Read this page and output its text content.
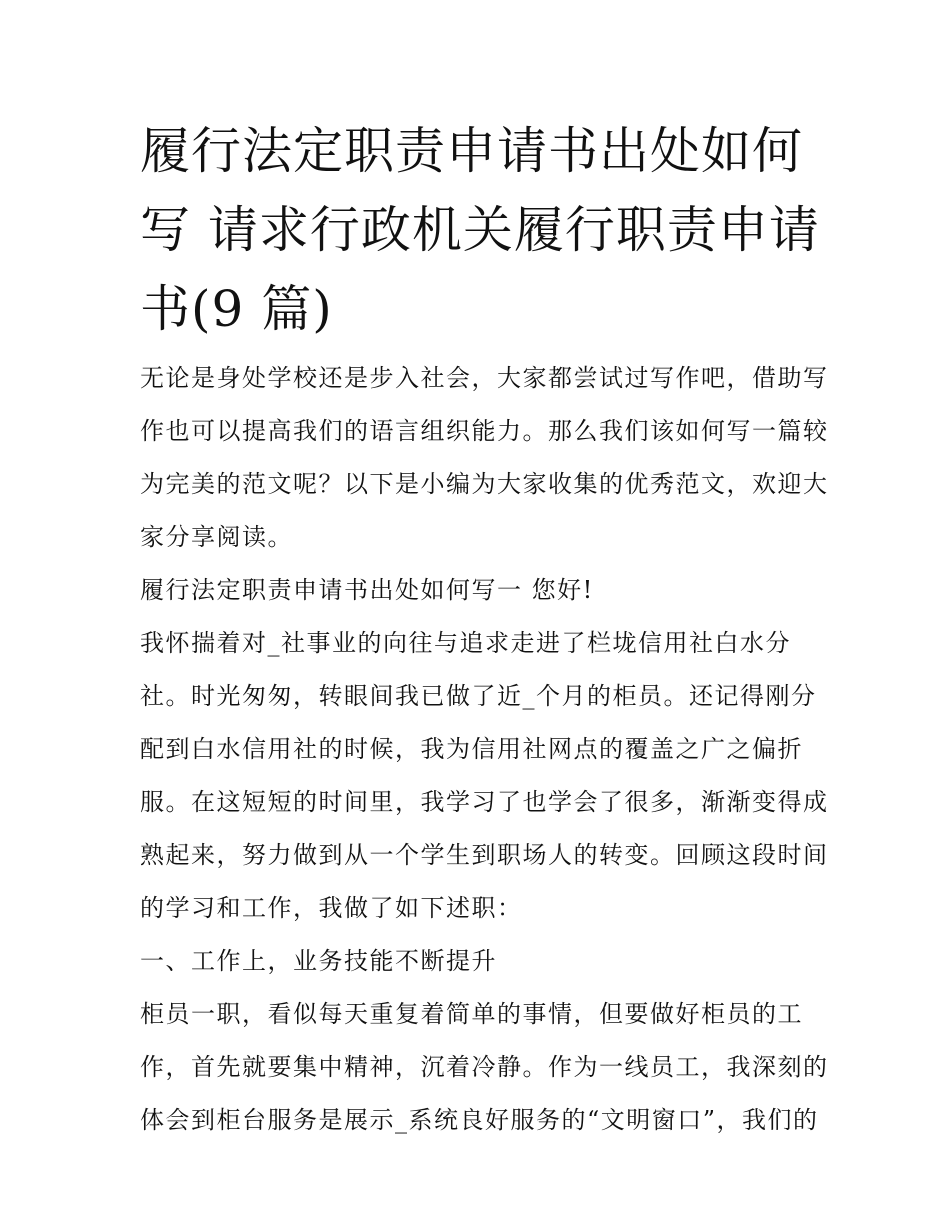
履行法定职责申请书出处如何
写 请求行政机关履行职责申请
书(9 篇)
无论是身处学校还是步入社会，大家都尝试过写作吧，借助写
作也可以提高我们的语言组织能力。那么我们该如何写一篇较
为完美的范文呢？以下是小编为大家收集的优秀范文，欢迎大
家分享阅读。
履行法定职责申请书出处如何写一 您好!
我怀揣着对_社事业的向往与追求走进了栏垅信用社白水分
社。时光匆匆，转眼间我已做了近_个月的柜员。还记得刚分
配到白水信用社的时候，我为信用社网点的覆盖之广之偏折
服。在这短短的时间里，我学习了也学会了很多，渐渐变得成
熟起来，努力做到从一个学生到职场人的转变。回顾这段时间
的学习和工作，我做了如下述职：
一、工作上，业务技能不断提升
柜员一职，看似每天重复着简单的事情，但要做好柜员的工
作，首先就要集中精神，沉着冷静。作为一线员工，我深刻的
体会到柜台服务是展示_系统良好服务的“文明窗口”，我们的
